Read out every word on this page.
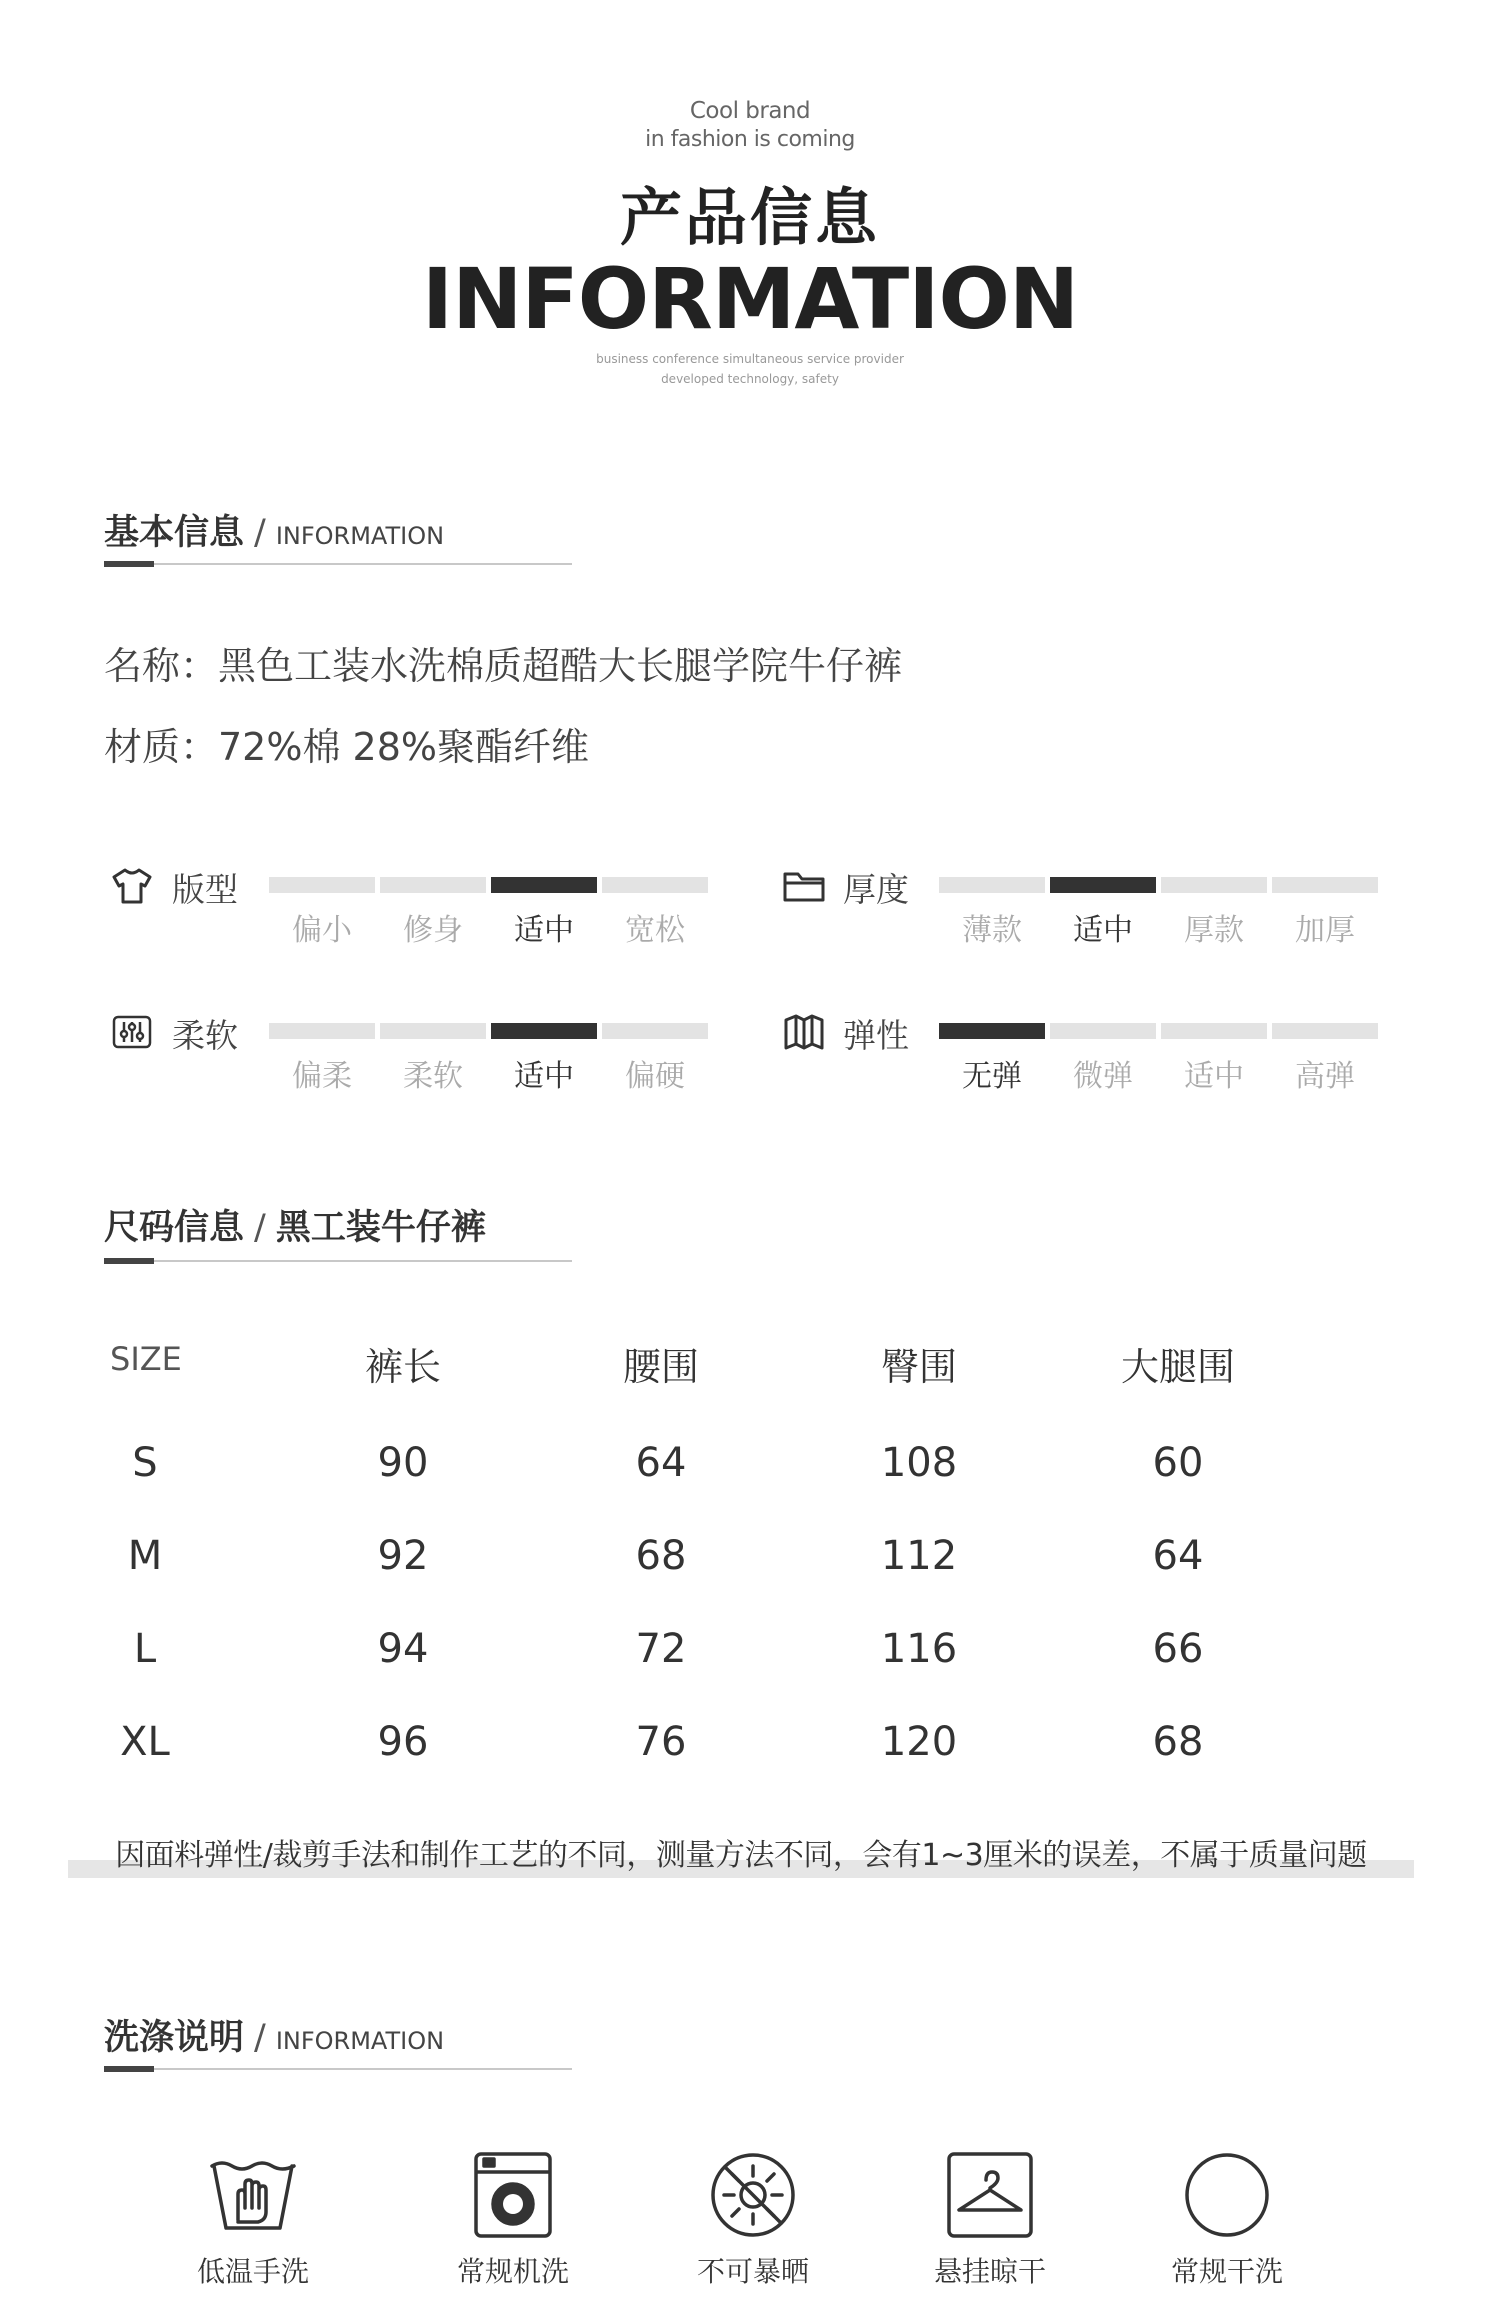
Cool brand
in fashion is coming
产品信息
INFORMATION
business conference simultaneous service provider
developed technology, safety
基本信息 / INFORMATION
名称：黑色工装水洗棉质超酷大长腿学院牛仔裤
材质：72%棉 28%聚酯纤维
版型
偏小	修身	适中	宽松
厚度
薄款	适中	厚款	加厚
柔软
偏柔	柔软	适中	偏硬
弹性
无弹	微弹	适中	高弹
尺码信息 / 黑工装牛仔裤
SIZE	裤长	腰围	臀围	大腿围
S	90	64	108	60
M	92	68	112	64
L	94	72	116	66
XL	96	76	120	68
因面料弹性/裁剪手法和制作工艺的不同，测量方法不同，会有1~3厘米的误差，不属于质量问题
洗涤说明 / INFORMATION
低温手洗	常规机洗	不可暴晒	悬挂晾干	常规干洗
